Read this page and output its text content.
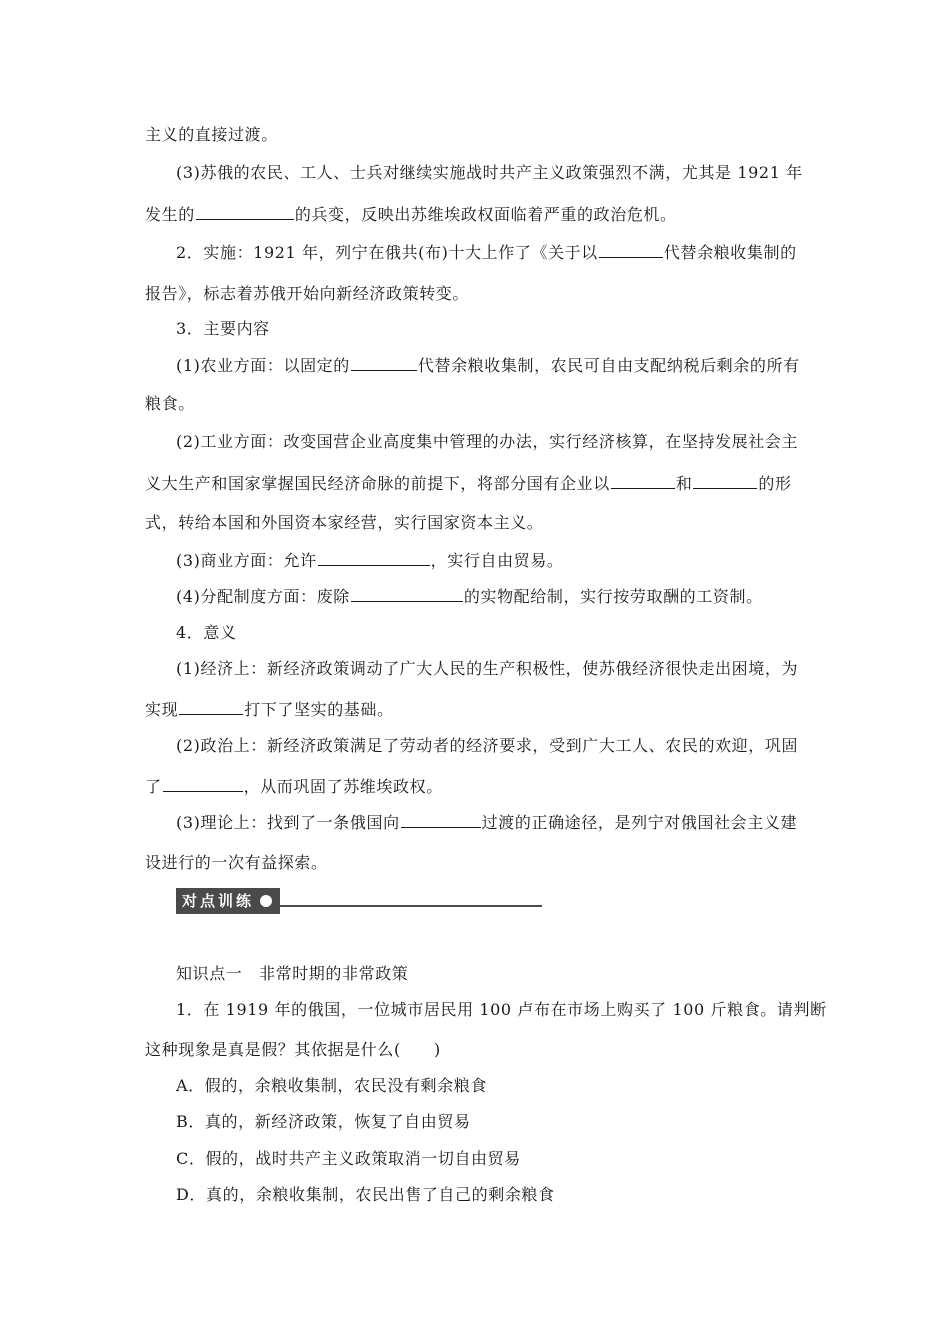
主义的直接过渡。
(3)苏俄的农民、工人、士兵对继续实施战时共产主义政策强烈不满，尤其是 1921 年
发生的	的兵变，反映出苏维埃政权面临着严重的政治危机。
2．实施：1921 年，列宁在俄共(布)十大上作了《关于以	代替余粮收集制的
报告》，标志着苏俄开始向新经济政策转变。
3．主要内容
(1)农业方面：以固定的	代替余粮收集制，农民可自由支配纳税后剩余的所有
粮食。
(2)工业方面：改变国营企业高度集中管理的办法，实行经济核算，在坚持发展社会主
义大生产和国家掌握国民经济命脉的前提下，将部分国有企业以	和	的形
式，转给本国和外国资本家经营，实行国家资本主义。
(3)商业方面：允许	，实行自由贸易。
(4)分配制度方面：废除	的实物配给制，实行按劳取酬的工资制。
4．意义
(1)经济上：新经济政策调动了广大人民的生产积极性，使苏俄经济很快走出困境，为
实现	打下了坚实的基础。
(2)政治上：新经济政策满足了劳动者的经济要求，受到广大工人、农民的欢迎，巩固
了	，从而巩固了苏维埃政权。
(3)理论上：找到了一条俄国向	过渡的正确途径，是列宁对俄国社会主义建
设进行的一次有益探索。
对点训练
知识点一　非常时期的非常政策
1．在 1919 年的俄国，一位城市居民用 100 卢布在市场上购买了 100 斤粮食。请判断
这种现象是真是假？其依据是什么(　　)
A．假的，余粮收集制，农民没有剩余粮食
B．真的，新经济政策，恢复了自由贸易
C．假的，战时共产主义政策取消一切自由贸易
D．真的，余粮收集制，农民出售了自己的剩余粮食
